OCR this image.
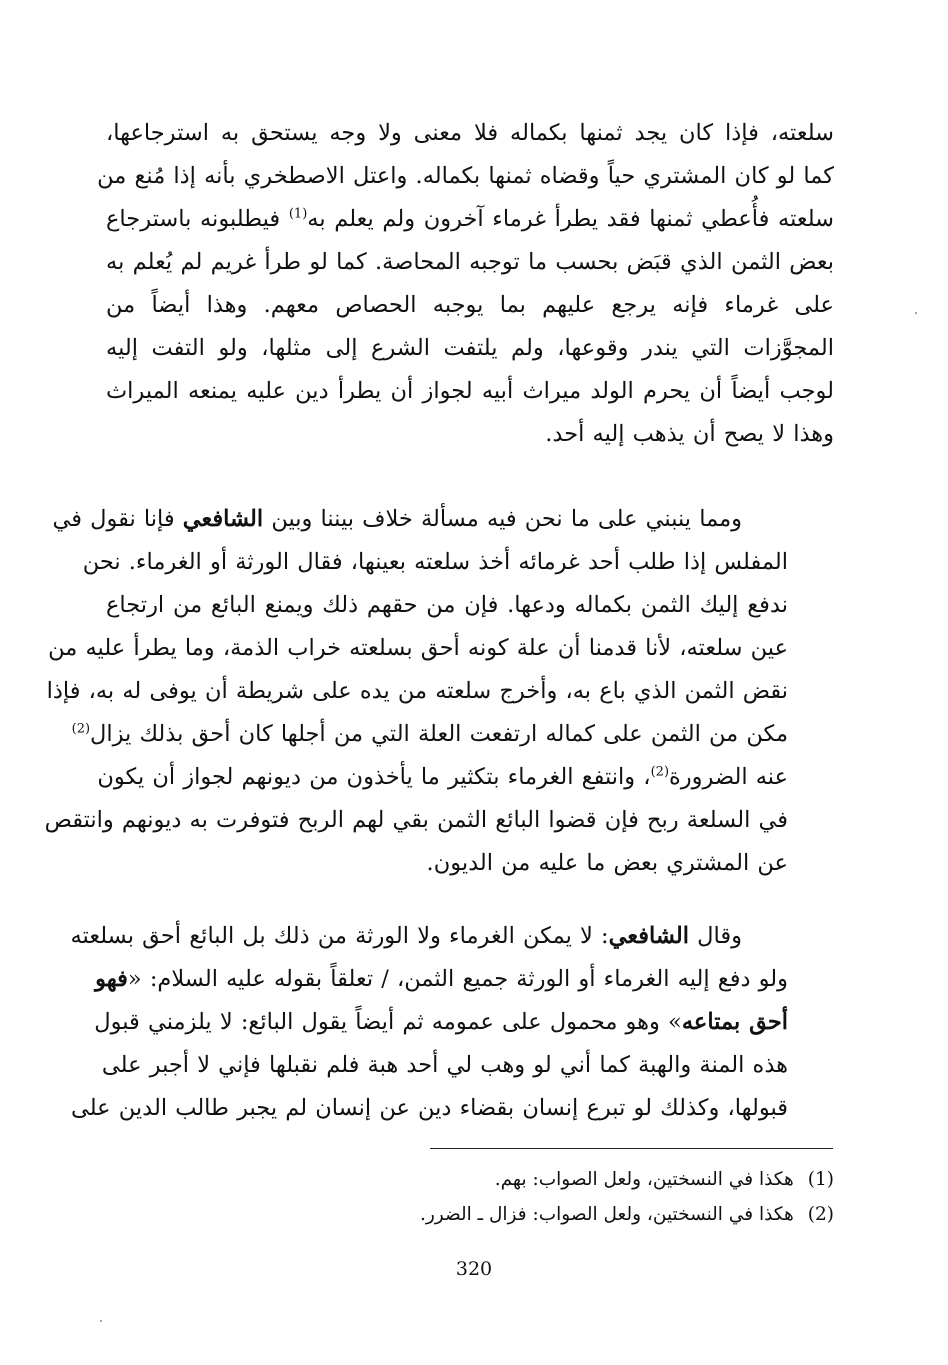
سلعته، فإذا كان يجد ثمنها بكماله فلا معنى ولا وجه يستحق به استرجاعها،
كما لو كان المشتري حياً وقضاه ثمنها بكماله. واعتل الاصطخري بأنه إذا مُنع من
سلعته فأُعطي ثمنها فقد يطرأ غرماء آخرون ولم يعلم به$^{(1)}$ فيطلبونه باسترجاع
بعض الثمن الذي قبَض بحسب ما توجبه المحاصة. كما لو طرأ غريم لم يُعلم به
على غرماء فإنه يرجع عليهم بما يوجبه الحصاص معهم. وهذا أيضاً من
المجوَّزات التي يندر وقوعها، ولم يلتفت الشرع إلى مثلها، ولو التفت إليه
لوجب أيضاً أن يحرم الولد ميراث أبيه لجواز أن يطرأ دين عليه يمنعه الميراث
وهذا لا يصح أن يذهب إليه أحد.
ومما ينبني على ما نحن فيه مسألة خلاف بيننا وبين الشافعي فإنا نقول في
المفلس إذا طلب أحد غرمائه أخذ سلعته بعينها، فقال الورثة أو الغرماء. نحن
ندفع إليك الثمن بكماله ودعها. فإن من حقهم ذلك ويمنع البائع من ارتجاع
عين سلعته، لأنا قدمنا أن علة كونه أحق بسلعته خراب الذمة، وما يطرأ عليه من
نقض الثمن الذي باع به، وأخرج سلعته من يده على شريطة أن يوفى له به، فإذا
مكن من الثمن على كماله ارتفعت العلة التي من أجلها كان أحق بذلك يزال$^{(2)}$
عنه الضرورة$^{(2)}$، وانتفع الغرماء بتكثير ما يأخذون من ديونهم لجواز أن يكون
في السلعة ربح فإن قضوا البائع الثمن بقي لهم الربح فتوفرت به ديونهم وانتقص
عن المشتري بعض ما عليه من الديون.
وقال الشافعي: لا يمكن الغرماء ولا الورثة من ذلك بل البائع أحق بسلعته
ولو دفع إليه الغرماء أو الورثة جميع الثمن، / تعلقاً بقوله عليه السلام: «فهو
أحق بمتاعه» وهو محمول على عمومه ثم أيضاً يقول البائع: لا يلزمني قبول
هذه المنة والهبة كما أني لو وهب لي أحد هبة فلم نقبلها فإني لا أجبر على
قبولها، وكذلك لو تبرع إنسان بقضاء دين عن إنسان لم يجبر طالب الدين على
(1)هكذا في النسختين، ولعل الصواب: بهم.
(2)هكذا في النسختين، ولعل الصواب: فزال ـ الضرر.
320
